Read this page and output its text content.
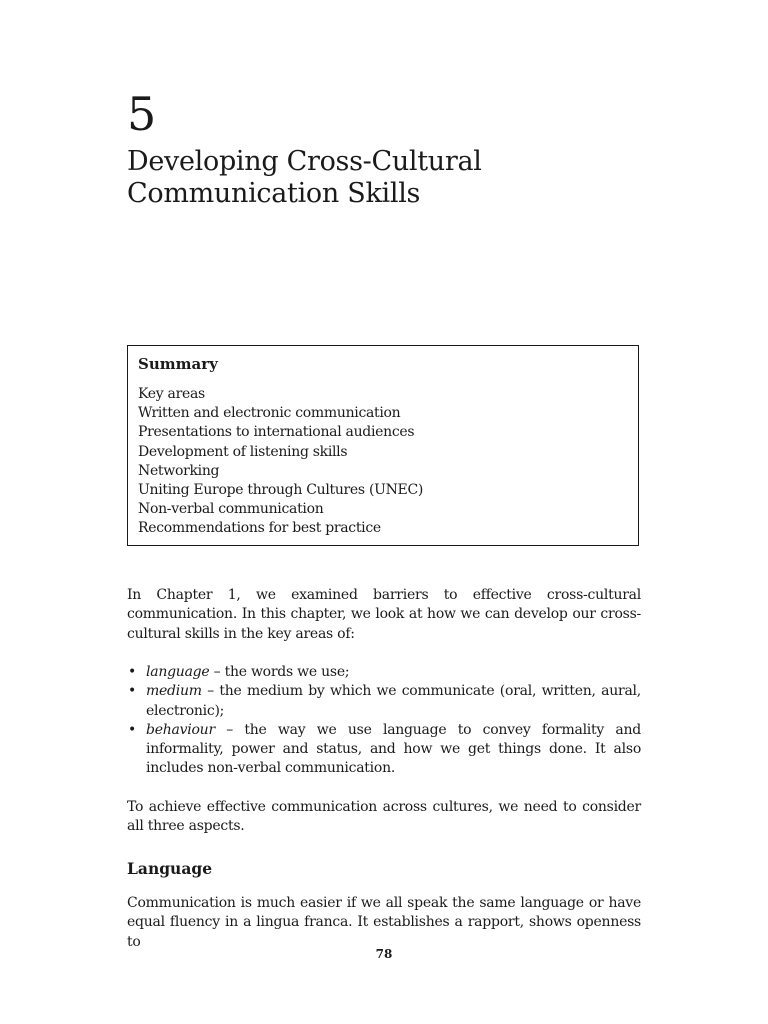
5
Developing Cross-Cultural
Communication Skills
Summary
Key areas
Written and electronic communication
Presentations to international audiences
Development of listening skills
Networking
Uniting Europe through Cultures (UNEC)
Non-verbal communication
Recommendations for best practice

In Chapter 1, we examined barriers to effective cross-cultural communication. In this chapter, we look at how we can develop our cross-cultural skills in the key areas of:

• language – the words we use;
• medium – the medium by which we communicate (oral, written, aural, electronic);
• behaviour – the way we use language to convey formality and informality, power and status, and how we get things done. It also includes non-verbal communication.

To achieve effective communication across cultures, we need to consider all three aspects.

Language

Communication is much easier if we all speak the same language or have equal fluency in a lingua franca. It establishes a rapport, shows openness to

78
